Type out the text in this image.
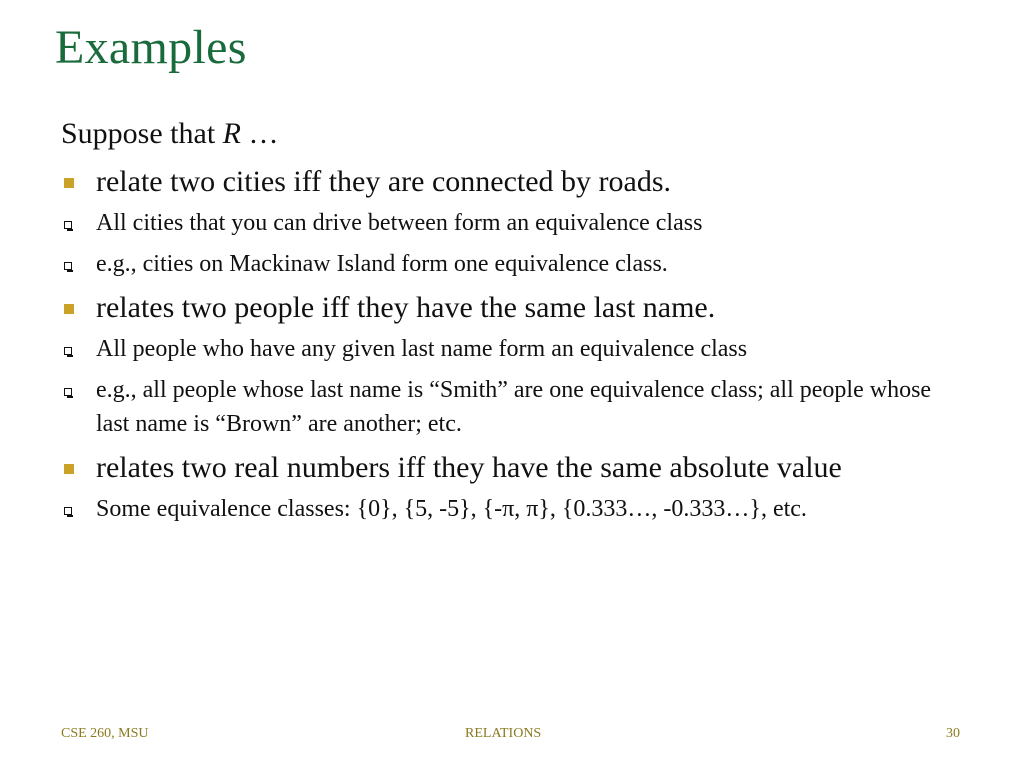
Examples
Suppose that R …
relate two cities iff they are connected by roads.
All cities that you can drive between form an equivalence class
e.g., cities on Mackinaw Island form one equivalence class.
relates two people iff they have the same last name.
All people who have any given last name form an equivalence class
e.g., all people whose last name is “Smith” are one equivalence class; all people whose last name is “Brown” are another; etc.
relates two real numbers iff they have the same absolute value
Some equivalence classes: {0}, {5, -5}, {-π, π}, {0.333…, -0.333…}, etc.
CSE 260, MSU	RELATIONS	30
